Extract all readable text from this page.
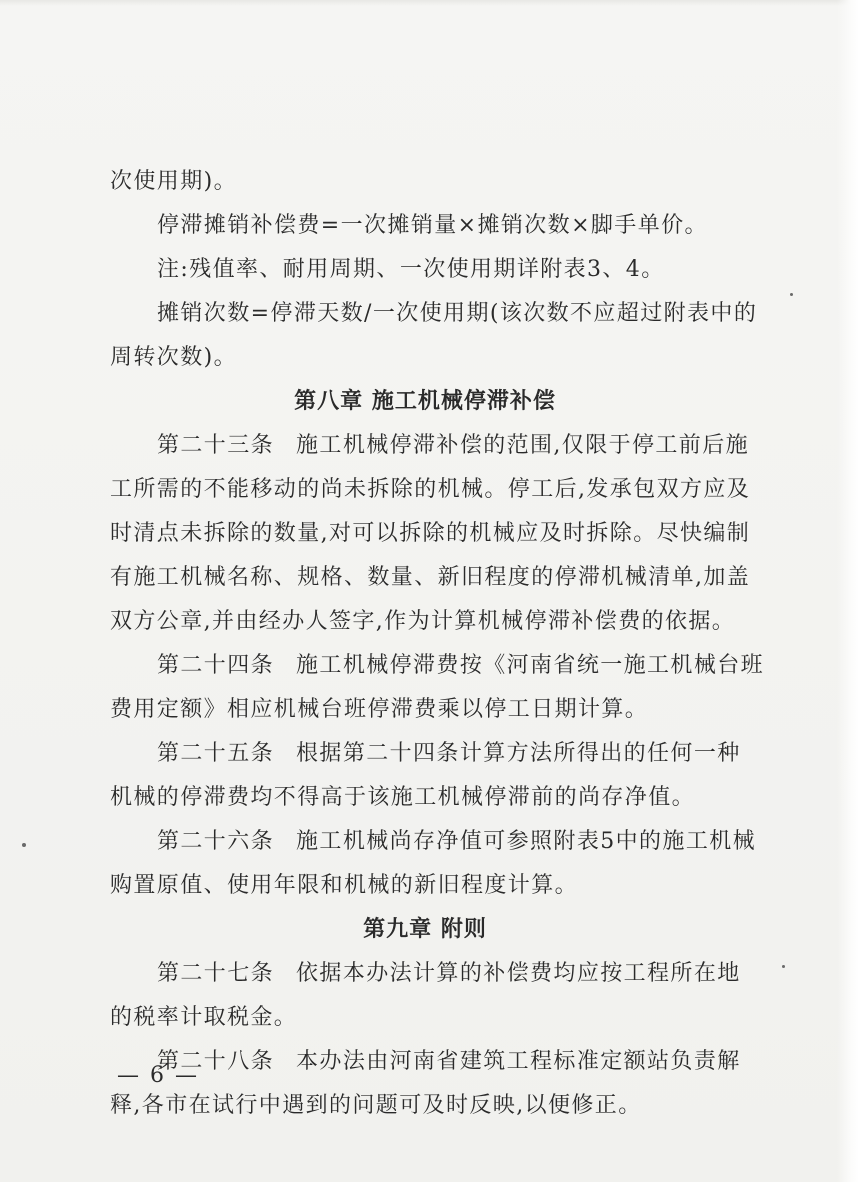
次使用期)。
停滞摊销补偿费=一次摊销量×摊销次数×脚手单价。
注:残值率、耐用周期、一次使用期详附表3、4。
摊销次数=停滞天数/一次使用期(该次数不应超过附表中的
周转次数)。
第八章 施工机械停滞补偿
第二十三条 施工机械停滞补偿的范围,仅限于停工前后施
工所需的不能移动的尚未拆除的机械。停工后,发承包双方应及
时清点未拆除的数量,对可以拆除的机械应及时拆除。尽快编制
有施工机械名称、规格、数量、新旧程度的停滞机械清单,加盖
双方公章,并由经办人签字,作为计算机械停滞补偿费的依据。
第二十四条 施工机械停滞费按《河南省统一施工机械台班
费用定额》相应机械台班停滞费乘以停工日期计算。
第二十五条 根据第二十四条计算方法所得出的任何一种
机械的停滞费均不得高于该施工机械停滞前的尚存净值。
第二十六条 施工机械尚存净值可参照附表5中的施工机械
购置原值、使用年限和机械的新旧程度计算。
第九章 附则
第二十七条 依据本办法计算的补偿费均应按工程所在地
的税率计取税金。
第二十八条 本办法由河南省建筑工程标准定额站负责解
释,各市在试行中遇到的问题可及时反映,以便修正。
— 6 —
